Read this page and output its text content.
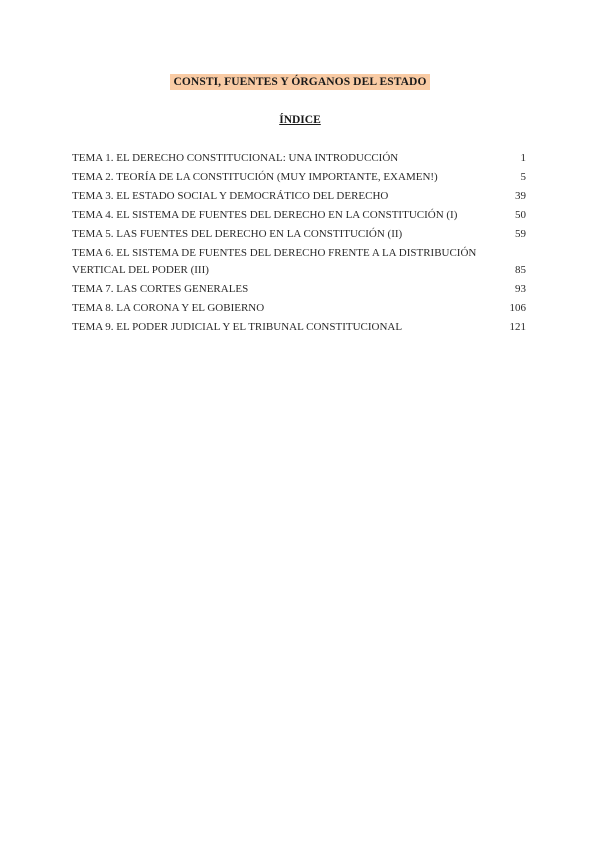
CONSTI, FUENTES Y ÓRGANOS DEL ESTADO
ÍNDICE
TEMA 1. EL DERECHO CONSTITUCIONAL: UNA INTRODUCCIÓN	1
TEMA 2. TEORÍA DE LA CONSTITUCIÓN (MUY IMPORTANTE, EXAMEN!)	5
TEMA 3. EL ESTADO SOCIAL Y DEMOCRÁTICO DEL DERECHO	39
TEMA 4. EL SISTEMA DE FUENTES DEL DERECHO EN LA CONSTITUCIÓN (I)	50
TEMA 5. LAS FUENTES DEL DERECHO EN LA CONSTITUCIÓN (II)	59
TEMA 6. EL SISTEMA DE FUENTES DEL DERECHO FRENTE A LA DISTRIBUCIÓN VERTICAL DEL PODER (III)	85
TEMA 7. LAS CORTES GENERALES	93
TEMA 8. LA CORONA Y EL GOBIERNO	106
TEMA 9. EL PODER JUDICIAL Y EL TRIBUNAL CONSTITUCIONAL	121
